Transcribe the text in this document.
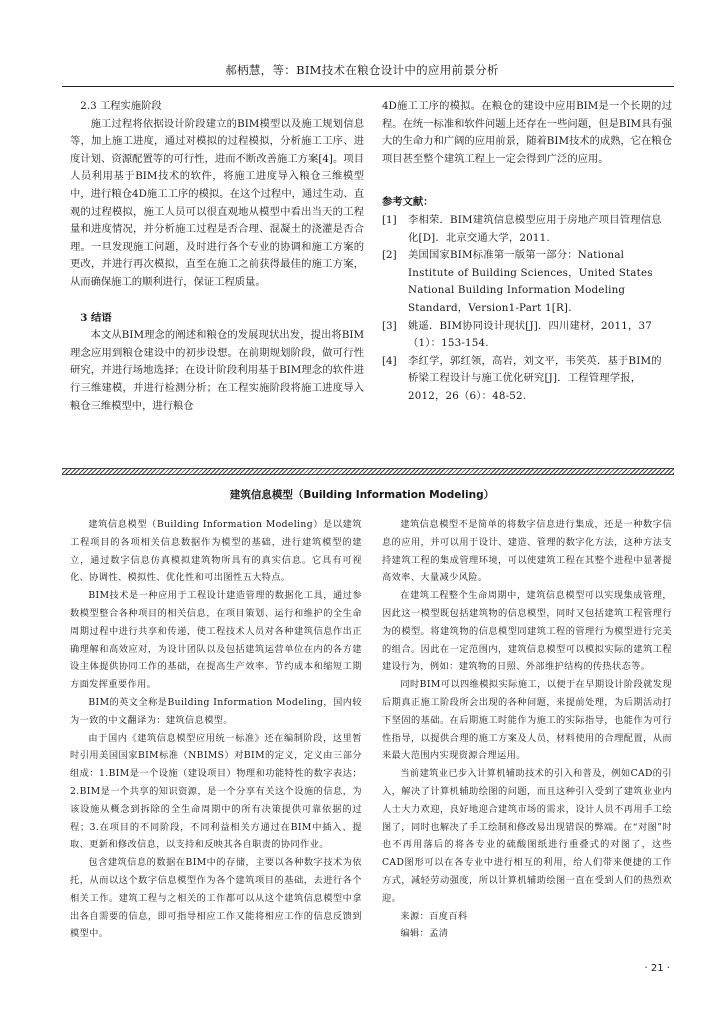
郝柄慧，等：BIM技术在粮仓设计中的应用前景分析

2.3 工程实施阶段

施工过程将依据设计阶段建立的BIM模型以及施工规划信息等，加上施工进度，通过对模拟的过程模拟，分析施工工序、进度计划、资源配置等的可行性，进而不断改善施工方案[4]。项目人员利用基于BIM技术的软件，将施工进度导入粮仓三维模型中，进行粮仓4D施工工序的模拟。在这个过程中，通过生动、直观的过程模拟，施工人员可以很直观地从模型中看出当天的工程量和进度情况，并分析施工过程是否合理、混凝土的浇灌是否合理。一旦发现施工问题，及时进行各个专业的协调和施工方案的更改，并进行再次模拟，直至在施工之前获得最佳的施工方案，从而确保施工的顺利进行，保证工程质量。

3 结语

本文从BIM理念的阐述和粮仓的发展现状出发，提出将BIM理念应用到粮仓建设中的初步设想。在前期规划阶段，做可行性研究，并进行场地选择；在设计阶段利用基于BIM理念的软件进行三维建模，并进行检测分析；在工程实施阶段将施工进度导入粮仓三维模型中，进行粮仓

4D施工工序的模拟。在粮仓的建设中应用BIM是一个长期的过程。在统一标准和软件问题上还存在一些问题，但是BIM具有强大的生命力和广阔的应用前景，随着BIM技术的成熟，它在粮仓项目甚至整个建筑工程上一定会得到广泛的应用。

参考文献：

[1] 李相荣．BIM建筑信息模型应用于房地产项目管理信息化[D]．北京交通大学，2011.
[2] 美国国家BIM标准第一版第一部分：National Institute of Building Sciences，United States National Building Information Modeling Standard，Version1-Part 1[R].
[3] 姚遥．BIM协同设计现状[J]．四川建材，2011，37（1）：153-154.
[4] 李红学，郭红领，高岩，刘文平，韦笑英．基于BIM的桥梁工程设计与施工优化研究[J]．工程管理学报，2012，26（6）：48-52.
建筑信息模型（Building Information Modeling）

建筑信息模型（Building Information Modeling）是以建筑工程项目的各项相关信息数据作为模型的基础，进行建筑模型的建立，通过数字信息仿真模拟建筑物所具有的真实信息。它具有可视化、协调性、模拟性、优化性和可出图性五大特点。

BIM技术是一种应用于工程设计建造管理的数据化工具，通过参数模型整合各种项目的相关信息，在项目策划、运行和维护的全生命周期过程中进行共享和传递，使工程技术人员对各种建筑信息作出正确理解和高效应对，为设计团队以及包括建筑运营单位在内的各方建设主体提供协同工作的基础，在提高生产效率、节约成本和缩短工期方面发挥重要作用。

BIM的英文全称是Building Information Modeling，国内较为一致的中文翻译为：建筑信息模型。

由于国内《建筑信息模型应用统一标准》还在编制阶段，这里暂时引用美国国家BIM标准（NBIMS）对BIM的定义，定义由三部分组成：1.BIM是一个设施（建设项目）物理和功能特性的数字表达；2.BIM是一个共享的知识资源，是一个分享有关这个设施的信息，为该设施从概念到拆除的全生命周期中的所有决策提供可靠依据的过程；3.在项目的不同阶段，不同利益相关方通过在BIM中插入、提取、更新和修改信息，以支持和反映其各自职责的协同作业。

包含建筑信息的数据在BIM中的存储，主要以各种数字技术为依托，从而以这个数字信息模型作为各个建筑项目的基础，去进行各个相关工作。建筑工程与之相关的工作都可以从这个建筑信息模型中拿出各自需要的信息，即可指导相应工作又能将相应工作的信息反馈到模型中。

建筑信息模型不是简单的将数字信息进行集成，还是一种数字信息的应用，并可以用于设计、建造、管理的数字化方法，这种方法支持建筑工程的集成管理环境，可以使建筑工程在其整个进程中显著提高效率、大量减少风险。

在建筑工程整个生命周期中，建筑信息模型可以实现集成管理，因此这一模型既包括建筑物的信息模型，同时又包括建筑工程管理行为的模型。将建筑物的信息模型同建筑工程的管理行为模型进行完美的组合。因此在一定范围内，建筑信息模型可以模拟实际的建筑工程建设行为，例如：建筑物的日照、外部维护结构的传热状态等。

同时BIM可以四维模拟实际施工，以便于在早期设计阶段就发现后期真正施工阶段所会出现的各种问题，来提前处理，为后期活动打下坚固的基础。在后期施工时能作为施工的实际指导，也能作为可行性指导，以提供合理的施工方案及人员，材料使用的合理配置，从而来最大范围内实现资源合理运用。

当前建筑业已步入计算机辅助技术的引入和普及，例如CAD的引入，解决了计算机辅助绘图的问题，而且这种引入受到了建筑业业内人士大力欢迎，良好地迎合建筑市场的需求，设计人员不再用手工绘图了，同时也解决了手工绘制和修改易出现错误的弊端。在“对图”时也不再用落后的将各专业的硫酸图纸进行重叠式的对图了，这些CAD图形可以在各专业中进行相互的利用，给人们带来便捷的工作方式，减轻劳动强度，所以计算机辅助绘图一直在受到人们的热烈欢迎。

来源：百度百科

编辑：孟清

· 21 ·
